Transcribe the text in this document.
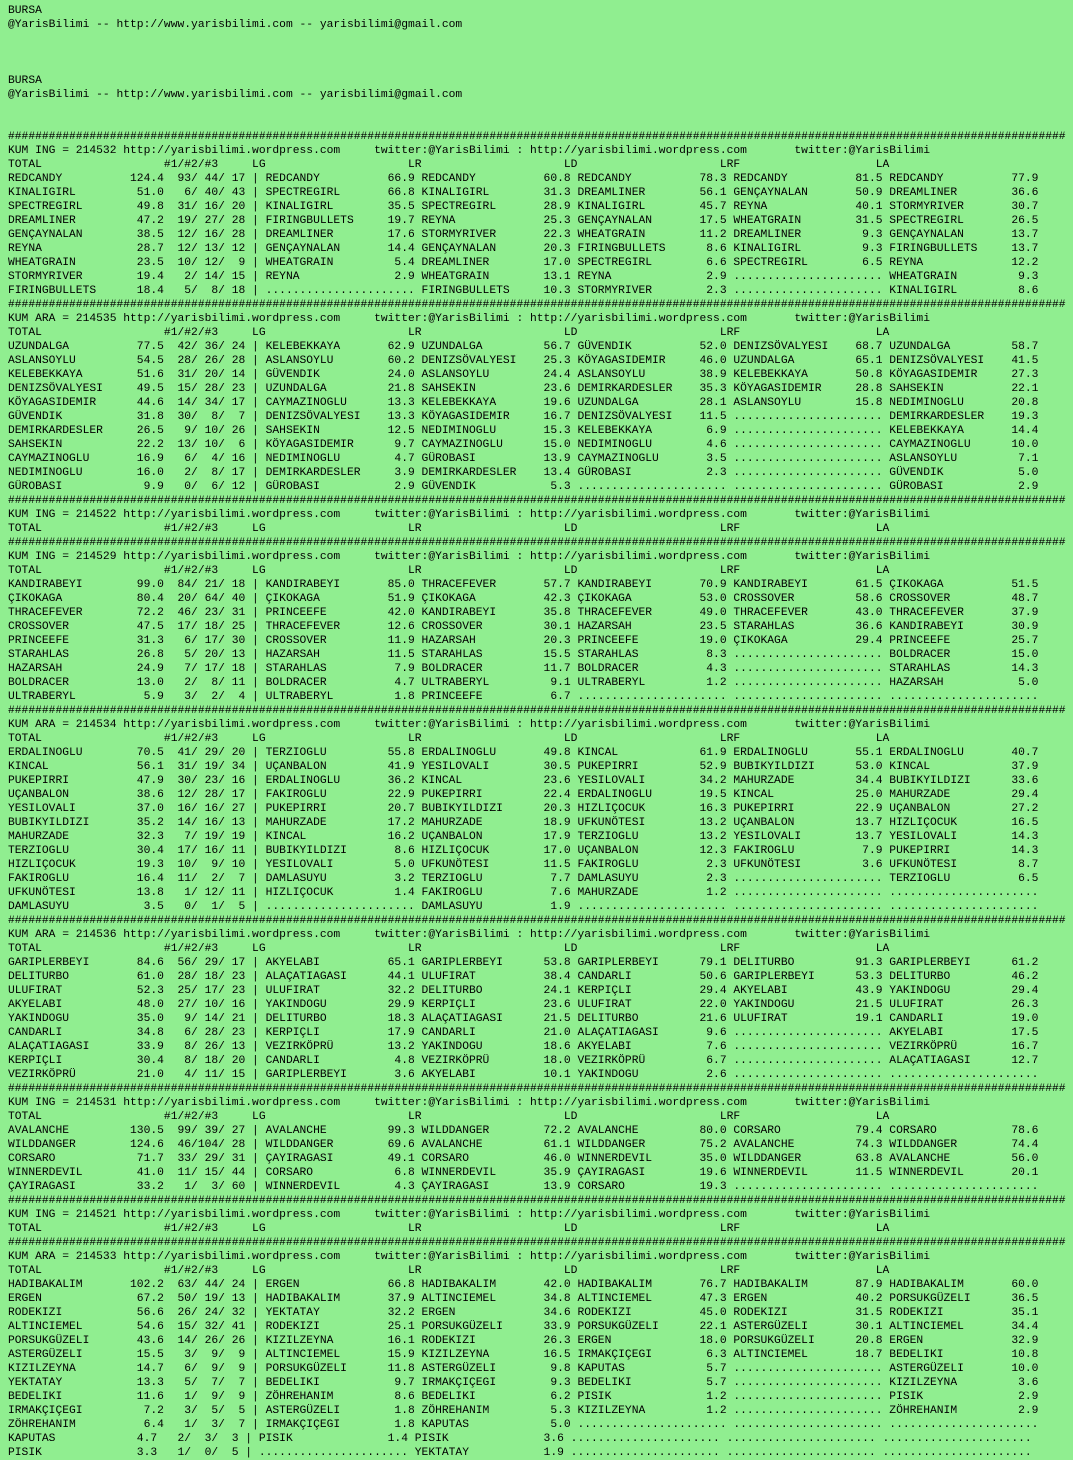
BURSA
@YarisBilimi -- http://www.yarisbilimi.com -- yarisbilimi@gmail.com

BURSA
@YarisBilimi -- http://www.yarisbilimi.com -- yarisbilimi@gmail.com

############################################################################################################################################################
KUM ING = 214532 http://yarisbilimi.wordpress.com     twitter:@YarisBilimi : http://yarisbilimi.wordpress.com       twitter:@YarisBilimi
TOTAL                  #1/#2/#3     LG                     LR                     LD                     LRF                    LA
REDCANDY          124.4  93/ 44/ 17 | REDCANDY          66.9 REDCANDY          60.8 REDCANDY          78.3 REDCANDY          81.5 REDCANDY          77.9
KINALIGIRL         51.0   6/ 40/ 43 | SPECTREGIRL       66.8 KINALIGIRL        31.3 DREAMLINER        56.1 GENÇAYNALAN       50.9 DREAMLINER        36.6
SPECTREGIRL        49.8  31/ 16/ 20 | KINALIGIRL        35.5 SPECTREGIRL       28.9 KINALIGIRL        45.7 REYNA             40.1 STORMYRIVER       30.7
DREAMLINER         47.2  19/ 27/ 28 | FIRINGBULLETS     19.7 REYNA             25.3 GENÇAYNALAN       17.5 WHEATGRAIN        31.5 SPECTREGIRL       26.5
GENÇAYNALAN        38.5  12/ 16/ 28 | DREAMLINER        17.6 STORMYRIVER       22.3 WHEATGRAIN        11.2 DREAMLINER         9.3 GENÇAYNALAN       13.7
REYNA              28.7  12/ 13/ 12 | GENÇAYNALAN       14.4 GENÇAYNALAN       20.3 FIRINGBULLETS      8.6 KINALIGIRL         9.3 FIRINGBULLETS     13.7
WHEATGRAIN         23.5  10/ 12/  9 | WHEATGRAIN         5.4 DREAMLINER        17.0 SPECTREGIRL        6.6 SPECTREGIRL        6.5 REYNA             12.2
STORMYRIVER        19.4   2/ 14/ 15 | REYNA              2.9 WHEATGRAIN        13.1 REYNA              2.9 ...................... WHEATGRAIN         9.3
FIRINGBULLETS      18.4   5/  8/ 18 | ...................... FIRINGBULLETS     10.3 STORMYRIVER        2.3 ...................... KINALIGIRL         8.6
############################################################################################################################################################
KUM ARA = 214535 http://yarisbilimi.wordpress.com     twitter:@YarisBilimi : http://yarisbilimi.wordpress.com       twitter:@YarisBilimi
TOTAL                  #1/#2/#3     LG                     LR                     LD                     LRF                    LA
UZUNDALGA          77.5  42/ 36/ 24 | KELEBEKKAYA       62.9 UZUNDALGA         56.7 GÜVENDIK          52.0 DENIZSÖVALYESI    68.7 UZUNDALGA         58.7
ASLANSOYLU         54.5  28/ 26/ 28 | ASLANSOYLU        60.2 DENIZSÖVALYESI    25.3 KÖYAGASIDEMIR     46.0 UZUNDALGA         65.1 DENIZSÖVALYESI    41.5
KELEBEKKAYA        51.6  31/ 20/ 14 | GÜVENDIK          24.0 ASLANSOYLU        24.4 ASLANSOYLU        38.9 KELEBEKKAYA       50.8 KÖYAGASIDEMIR     27.3
DENIZSÖVALYESI     49.5  15/ 28/ 23 | UZUNDALGA         21.8 SAHSEKIN          23.6 DEMIRKARDESLER    35.3 KÖYAGASIDEMIR     28.8 SAHSEKIN          22.1
KÖYAGASIDEMIR      44.6  14/ 34/ 17 | CAYMAZINOGLU      13.3 KELEBEKKAYA       19.6 UZUNDALGA         28.1 ASLANSOYLU        15.8 NEDIMINOGLU       20.8
GÜVENDIK           31.8  30/  8/  7 | DENIZSÖVALYESI    13.3 KÖYAGASIDEMIR     16.7 DENIZSÖVALYESI    11.5 ...................... DEMIRKARDESLER    19.3
DEMIRKARDESLER     26.5   9/ 10/ 26 | SAHSEKIN          12.5 NEDIMINOGLU       15.3 KELEBEKKAYA        6.9 ...................... KELEBEKKAYA       14.4
SAHSEKIN           22.2  13/ 10/  6 | KÖYAGASIDEMIR      9.7 CAYMAZINOGLU      15.0 NEDIMINOGLU        4.6 ...................... CAYMAZINOGLU      10.0
CAYMAZINOGLU       16.9   6/  4/ 16 | NEDIMINOGLU        4.7 GÜROBASI          13.9 CAYMAZINOGLU       3.5 ...................... ASLANSOYLU         7.1
NEDIMINOGLU        16.0   2/  8/ 17 | DEMIRKARDESLER     3.9 DEMIRKARDESLER    13.4 GÜROBASI           2.3 ...................... GÜVENDIK           5.0
GÜROBASI            9.9   0/  6/ 12 | GÜROBASI           2.9 GÜVENDIK           5.3 ...................... ...................... GÜROBASI           2.9
############################################################################################################################################################
KUM ING = 214522 http://yarisbilimi.wordpress.com     twitter:@YarisBilimi : http://yarisbilimi.wordpress.com       twitter:@YarisBilimi
TOTAL                  #1/#2/#3     LG                     LR                     LD                     LRF                    LA
############################################################################################################################################################
KUM ING = 214529 http://yarisbilimi.wordpress.com     twitter:@YarisBilimi : http://yarisbilimi.wordpress.com       twitter:@YarisBilimi
TOTAL                  #1/#2/#3     LG                     LR                     LD                     LRF                    LA
KANDIRABEYI        99.0  84/ 21/ 18 | KANDIRABEYI       85.0 THRACEFEVER       57.7 KANDIRABEYI       70.9 KANDIRABEYI       61.5 ÇIKOKAGA          51.5
ÇIKOKAGA           80.4  20/ 64/ 40 | ÇIKOKAGA          51.9 ÇIKOKAGA          42.3 ÇIKOKAGA          53.0 CROSSOVER         58.6 CROSSOVER         48.7
THRACEFEVER        72.2  46/ 23/ 31 | PRINCEEFE         42.0 KANDIRABEYI       35.8 THRACEFEVER       49.0 THRACEFEVER       43.0 THRACEFEVER       37.9
CROSSOVER          47.5  17/ 18/ 25 | THRACEFEVER       12.6 CROSSOVER         30.1 HAZARSAH          23.5 STARAHLAS         36.6 KANDIRABEYI       30.9
PRINCEEFE          31.3   6/ 17/ 30 | CROSSOVER         11.9 HAZARSAH          20.3 PRINCEEFE         19.0 ÇIKOKAGA          29.4 PRINCEEFE         25.7
STARAHLAS          26.8   5/ 20/ 13 | HAZARSAH          11.5 STARAHLAS         15.5 STARAHLAS          8.3 ...................... BOLDRACER         15.0
HAZARSAH           24.9   7/ 17/ 18 | STARAHLAS          7.9 BOLDRACER         11.7 BOLDRACER          4.3 ...................... STARAHLAS         14.3
BOLDRACER          13.0   2/  8/ 11 | BOLDRACER          4.7 ULTRABERYL         9.1 ULTRABERYL         1.2 ...................... HAZARSAH           5.0
ULTRABERYL          5.9   3/  2/  4 | ULTRABERYL         1.8 PRINCEEFE          6.7 ...................... ...................... ......................
############################################################################################################################################################
KUM ARA = 214534 http://yarisbilimi.wordpress.com     twitter:@YarisBilimi : http://yarisbilimi.wordpress.com       twitter:@YarisBilimi
TOTAL                  #1/#2/#3     LG                     LR                     LD                     LRF                    LA
ERDALINOGLU        70.5  41/ 29/ 20 | TERZIOGLU         55.8 ERDALINOGLU       49.8 KINCAL            61.9 ERDALINOGLU       55.1 ERDALINOGLU       40.7
KINCAL             56.1  31/ 19/ 34 | UÇANBALON         41.9 YESILOVALI        30.5 PUKEPIRRI         52.9 BUBIKYILDIZI      53.0 KINCAL            37.9
PUKEPIRRI          47.9  30/ 23/ 16 | ERDALINOGLU       36.2 KINCAL            23.6 YESILOVALI        34.2 MAHURZADE         34.4 BUBIKYILDIZI      33.6
UÇANBALON          38.6  12/ 28/ 17 | FAKIROGLU         22.9 PUKEPIRRI         22.4 ERDALINOGLU       19.5 KINCAL            25.0 MAHURZADE         29.4
YESILOVALI         37.0  16/ 16/ 27 | PUKEPIRRI         20.7 BUBIKYILDIZI      20.3 HIZLIÇOCUK        16.3 PUKEPIRRI         22.9 UÇANBALON         27.2
BUBIKYILDIZI       35.2  14/ 16/ 13 | MAHURZADE         17.2 MAHURZADE         18.9 UFKUNÖTESI        13.2 UÇANBALON         13.7 HIZLIÇOCUK        16.5
MAHURZADE          32.3   7/ 19/ 19 | KINCAL            16.2 UÇANBALON         17.9 TERZIOGLU         13.2 YESILOVALI        13.7 YESILOVALI        14.3
TERZIOGLU          30.4  17/ 16/ 11 | BUBIKYILDIZI       8.6 HIZLIÇOCUK        17.0 UÇANBALON         12.3 FAKIROGLU          7.9 PUKEPIRRI         14.3
HIZLIÇOCUK         19.3  10/  9/ 10 | YESILOVALI         5.0 UFKUNÖTESI        11.5 FAKIROGLU          2.3 UFKUNÖTESI         3.6 UFKUNÖTESI         8.7
FAKIROGLU          16.4  11/  2/  7 | DAMLASUYU          3.2 TERZIOGLU          7.7 DAMLASUYU          2.3 ...................... TERZIOGLU          6.5
UFKUNÖTESI         13.8   1/ 12/ 11 | HIZLIÇOCUK         1.4 FAKIROGLU          7.6 MAHURZADE          1.2 ...................... ......................
DAMLASUYU           3.5   0/  1/  5 | ...................... DAMLASUYU          1.9 ...................... ...................... ......................
############################################################################################################################################################
KUM ARA = 214536 http://yarisbilimi.wordpress.com     twitter:@YarisBilimi : http://yarisbilimi.wordpress.com       twitter:@YarisBilimi
TOTAL                  #1/#2/#3     LG                     LR                     LD                     LRF                    LA
GARIPLERBEYI       84.6  56/ 29/ 17 | AKYELABI          65.1 GARIPLERBEYI      53.8 GARIPLERBEYI      79.1 DELITURBO         91.3 GARIPLERBEYI      61.2
DELITURBO          61.0  28/ 18/ 23 | ALAÇATIAGASI      44.1 ULUFIRAT          38.4 CANDARLI          50.6 GARIPLERBEYI      53.3 DELITURBO         46.2
ULUFIRAT           52.3  25/ 17/ 23 | ULUFIRAT          32.2 DELITURBO         24.1 KERPIÇLI          29.4 AKYELABI          43.9 YAKINDOGU         29.4
AKYELABI           48.0  27/ 10/ 16 | YAKINDOGU         29.9 KERPIÇLI          23.6 ULUFIRAT          22.0 YAKINDOGU         21.5 ULUFIRAT          26.3
YAKINDOGU          35.0   9/ 14/ 21 | DELITURBO         18.3 ALAÇATIAGASI      21.5 DELITURBO         21.6 ULUFIRAT          19.1 CANDARLI          19.0
CANDARLI           34.8   6/ 28/ 23 | KERPIÇLI          17.9 CANDARLI          21.0 ALAÇATIAGASI       9.6 ...................... AKYELABI          17.5
ALAÇATIAGASI       33.9   8/ 26/ 13 | VEZIRKÖPRÜ        13.2 YAKINDOGU         18.6 AKYELABI           7.6 ...................... VEZIRKÖPRÜ        16.7
KERPIÇLI           30.4   8/ 18/ 20 | CANDARLI           4.8 VEZIRKÖPRÜ        18.0 VEZIRKÖPRÜ         6.7 ...................... ALAÇATIAGASI      12.7
VEZIRKÖPRÜ         21.0   4/ 11/ 15 | GARIPLERBEYI       3.6 AKYELABI          10.1 YAKINDOGU          2.6 ...................... ......................
############################################################################################################################################################
KUM ING = 214531 http://yarisbilimi.wordpress.com     twitter:@YarisBilimi : http://yarisbilimi.wordpress.com       twitter:@YarisBilimi
TOTAL                  #1/#2/#3     LG                     LR                     LD                     LRF                    LA
AVALANCHE         130.5  99/ 39/ 27 | AVALANCHE         99.3 WILDDANGER        72.2 AVALANCHE         80.0 CORSARO           79.4 CORSARO           78.6
WILDDANGER        124.6  46/104/ 28 | WILDDANGER        69.6 AVALANCHE         61.1 WILDDANGER        75.2 AVALANCHE         74.3 WILDDANGER        74.4
CORSARO            71.7  33/ 29/ 31 | ÇAYIRAGASI        49.1 CORSARO           46.0 WINNERDEVIL       35.0 WILDDANGER        63.8 AVALANCHE         56.0
WINNERDEVIL        41.0  11/ 15/ 44 | CORSARO            6.8 WINNERDEVIL       35.9 ÇAYIRAGASI        19.6 WINNERDEVIL       11.5 WINNERDEVIL       20.1
ÇAYIRAGASI         33.2   1/  3/ 60 | WINNERDEVIL        4.3 ÇAYIRAGASI        13.9 CORSARO           19.3 ...................... ......................
############################################################################################################################################################
KUM ING = 214521 http://yarisbilimi.wordpress.com     twitter:@YarisBilimi : http://yarisbilimi.wordpress.com       twitter:@YarisBilimi
TOTAL                  #1/#2/#3     LG                     LR                     LD                     LRF                    LA
############################################################################################################################################################
KUM ARA = 214533 http://yarisbilimi.wordpress.com     twitter:@YarisBilimi : http://yarisbilimi.wordpress.com       twitter:@YarisBilimi
TOTAL                  #1/#2/#3     LG                     LR                     LD                     LRF                    LA
HADIBAKALIM       102.2  63/ 44/ 24 | ERGEN             66.8 HADIBAKALIM       42.0 HADIBAKALIM       76.7 HADIBAKALIM       87.9 HADIBAKALIM       60.0
ERGEN              67.2  50/ 19/ 13 | HADIBAKALIM       37.9 ALTINCIEMEL       34.8 ALTINCIEMEL       47.3 ERGEN             40.2 PORSUKGÜZELI      36.5
RODEKIZI           56.6  26/ 24/ 32 | YEKTATAY          32.2 ERGEN             34.6 RODEKIZI          45.0 RODEKIZI          31.5 RODEKIZI          35.1
ALTINCIEMEL        54.6  15/ 32/ 41 | RODEKIZI          25.1 PORSUKGÜZELI      33.9 PORSUKGÜZELI      22.1 ASTERGÜZELI       30.1 ALTINCIEMEL       34.4
PORSUKGÜZELI       43.6  14/ 26/ 26 | KIZILZEYNA        16.1 RODEKIZI          26.3 ERGEN             18.0 PORSUKGÜZELI      20.8 ERGEN             32.9
ASTERGÜZELI        15.5   3/  9/  9 | ALTINCIEMEL       15.9 KIZILZEYNA        16.5 IRMAKÇIÇEGI        6.3 ALTINCIEMEL       18.7 BEDELIKI          10.8
KIZILZEYNA         14.7   6/  9/  9 | PORSUKGÜZELI      11.8 ASTERGÜZELI        9.8 KAPUTAS            5.7 ...................... ASTERGÜZELI       10.0
YEKTATAY           13.3   5/  7/  7 | BEDELIKI           9.7 IRMAKÇIÇEGI        9.3 BEDELIKI           5.7 ...................... KIZILZEYNA         3.6
BEDELIKI           11.6   1/  9/  9 | ZÖHREHANIM         8.6 BEDELIKI           6.2 PISIK              1.2 ...................... PISIK              2.9
IRMAKÇIÇEGI         7.2   3/  5/  5 | ASTERGÜZELI        1.8 ZÖHREHANIM         5.3 KIZILZEYNA         1.2 ...................... ZÖHREHANIM         2.9
ZÖHREHANIM          6.4   1/  3/  7 | IRMAKÇIÇEGI        1.8 KAPUTAS            5.0 ...................... ...................... ......................
KAPUTAS            4.7   2/  3/  3 | PISIK              1.4 PISIK              3.6 ...................... ...................... ......................
PISIK              3.3   1/  0/  5 | ...................... YEKTATAY           1.9 ...................... ...................... ......................
